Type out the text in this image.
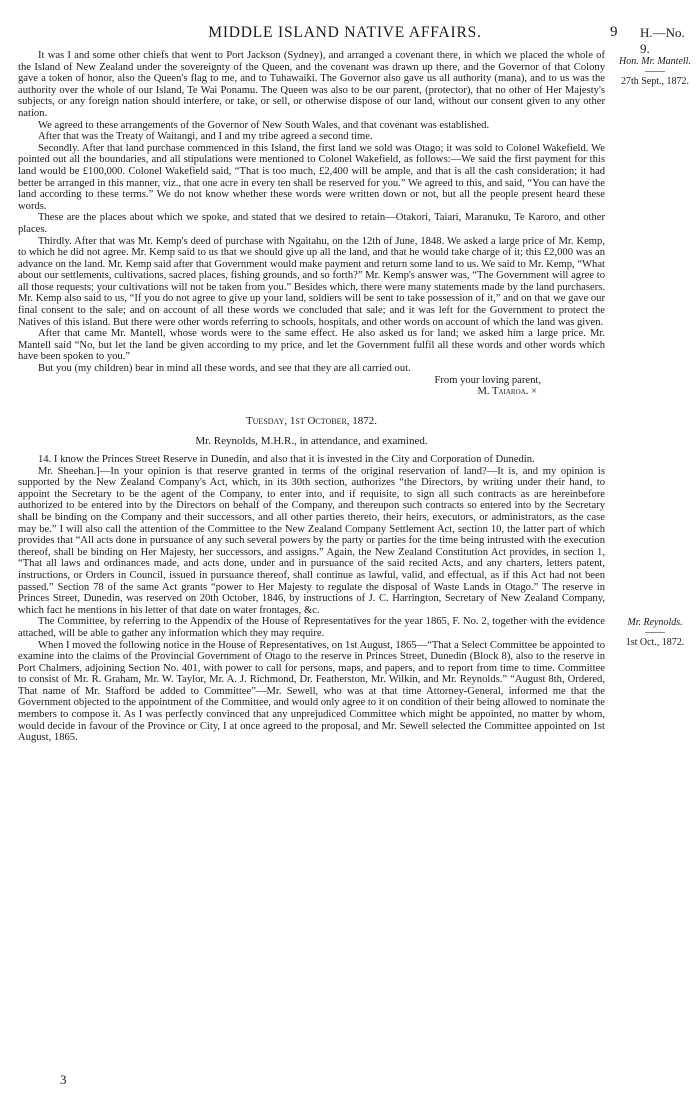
MIDDLE ISLAND NATIVE AFFAIRS.	9 H.—No. 9.
Hon. Mr. Mantell.
——
27th Sept., 1872.
Mr. Reynolds.
——
1st Oct., 1872.

It was I and some other chiefs that went to Port Jackson (Sydney), and arranged a covenant there, in which we placed the whole of the Island of New Zealand under the sovereignty of the Queen, and the covenant was drawn up there, and the Governor of that Colony gave a token of honor, also the Queen's flag to me, and to Tuhawaiki. The Governor also gave us all authority (mana), and to us was the authority over the whole of our Island, Te Wai Ponamu. The Queen was also to be our parent, (protector), that no other of Her Majesty's subjects, or any foreign nation should interfere, or take, or sell, or otherwise dispose of our land, without our consent given to any other nation.

We agreed to these arrangements of the Governor of New South Wales, and that covenant was established.

After that was the Treaty of Waitangi, and I and my tribe agreed a second time.

Secondly. After that land purchase commenced in this Island, the first land we sold was Otago; it was sold to Colonel Wakefield. We pointed out all the boundaries, and all stipulations were mentioned to Colonel Wakefield, as follows:—We said the first payment for this land would be £100,000. Colonel Wakefield said, “That is too much, £2,400 will be ample, and that is all the cash consideration; it had better be arranged in this manner, viz., that one acre in every ten shall be reserved for you.” We agreed to this, and said, “You can have the land according to these terms.” We do not know whether these words were written down or not, but all the people present heard these words.

These are the places about which we spoke, and stated that we desired to retain—Otakori, Taiari, Maranuku, Te Karoro, and other places.

Thirdly. After that was Mr. Kemp's deed of purchase with Ngaitahu, on the 12th of June, 1848. We asked a large price of Mr. Kemp, to which he did not agree. Mr. Kemp said to us that we should give up all the land, and that he would take charge of it; this £2,000 was an advance on the land. Mr. Kemp said after that Government would make payment and return some land to us. We said to Mr. Kemp, “What about our settlements, cultivations, sacred places, fishing grounds, and so forth?” Mr. Kemp's answer was, “The Government will agree to all those requests; your cultivations will not be taken from you.” Besides which, there were many statements made by the land purchasers. Mr. Kemp also said to us, “If you do not agree to give up your land, soldiers will be sent to take possession of it,” and on that we gave our final consent to the sale; and on account of all these words we concluded that sale; and it was left for the Government to protect the Natives of this island. But there were other words referring to schools, hospitals, and other words on account of which the land was given.

After that came Mr. Mantell, whose words were to the same effect. He also asked us for land; we asked him a large price. Mr. Mantell said “No, but let the land be given according to my price, and let the Government fulfil all these words and other words which have been spoken to you.”

But you (my children) bear in mind all these words, and see that they are all carried out.

From your loving parent,

M. Taiaroa. ×

Tuesday, 1st October, 1872.

Mr. Reynolds, M.H.R., in attendance, and examined.

14. I know the Princes Street Reserve in Dunedin, and also that it is invested in the City and Corporation of Dunedin.

Mr. Sheehan.]—In your opinion is that reserve granted in terms of the original reservation of land?—It is, and my opinion is supported by the New Zealand Company's Act, which, in its 30th section, authorizes “the Directors, by writing under their hand, to appoint the Secretary to be the agent of the Company, to enter into, and if requisite, to sign all such contracts as are hereinbefore authorized to be entered into by the Directors on behalf of the Company, and thereupon such contracts so entered into by the Secretary shall be binding on the Company and their successors, and all other parties thereto, their heirs, executors, or administrators, as the case may be.” I will also call the attention of the Committee to the New Zealand Company Settlement Act, section 10, the latter part of which provides that “All acts done in pursuance of any such several powers by the party or parties for the time being intrusted with the execution thereof, shall be binding on Her Majesty, her successors, and assigns.” Again, the New Zealand Constitution Act provides, in section 1, “That all laws and ordinances made, and acts done, under and in pursuance of the said recited Acts, and any charters, letters patent, instructions, or Orders in Council, issued in pursuance thereof, shall continue as lawful, valid, and effectual, as if this Act had not been passed.” Section 78 of the same Act grants “power to Her Majesty to regulate the disposal of Waste Lands in Otago.” The reserve in Princes Street, Dunedin, was reserved on 20th October, 1846, by instructions of J. C. Harrington, Secretary of New Zealand Company, which fact he mentions in his letter of that date on water frontages, &c.

The Committee, by referring to the Appendix of the House of Representatives for the year 1865, F. No. 2, together with the evidence attached, will be able to gather any information which they may require.

When I moved the following notice in the House of Representatives, on 1st August, 1865—“That a Select Committee be appointed to examine into the claims of the Provincial Government of Otago to the reserve in Princes Street, Dunedin (Block 8), also to the reserve in Port Chalmers, adjoining Section No. 401, with power to call for persons, maps, and papers, and to report from time to time. Committee to consist of Mr. R. Graham, Mr. W. Taylor, Mr. A. J. Richmond, Dr. Featherston, Mr. Wilkin, and Mr. Reynolds.” “August 8th, Ordered, That name of Mr. Stafford be added to Committee”—Mr. Sewell, who was at that time Attorney-General, informed me that the Government objected to the appointment of the Committee, and would only agree to it on condition of their being allowed to nominate the members to compose it. As I was perfectly convinced that any unprejudiced Committee which might be appointed, no matter by whom, would decide in favour of the Province or City, I at once agreed to the proposal, and Mr. Sewell selected the Committee appointed on 1st August, 1865.

3
